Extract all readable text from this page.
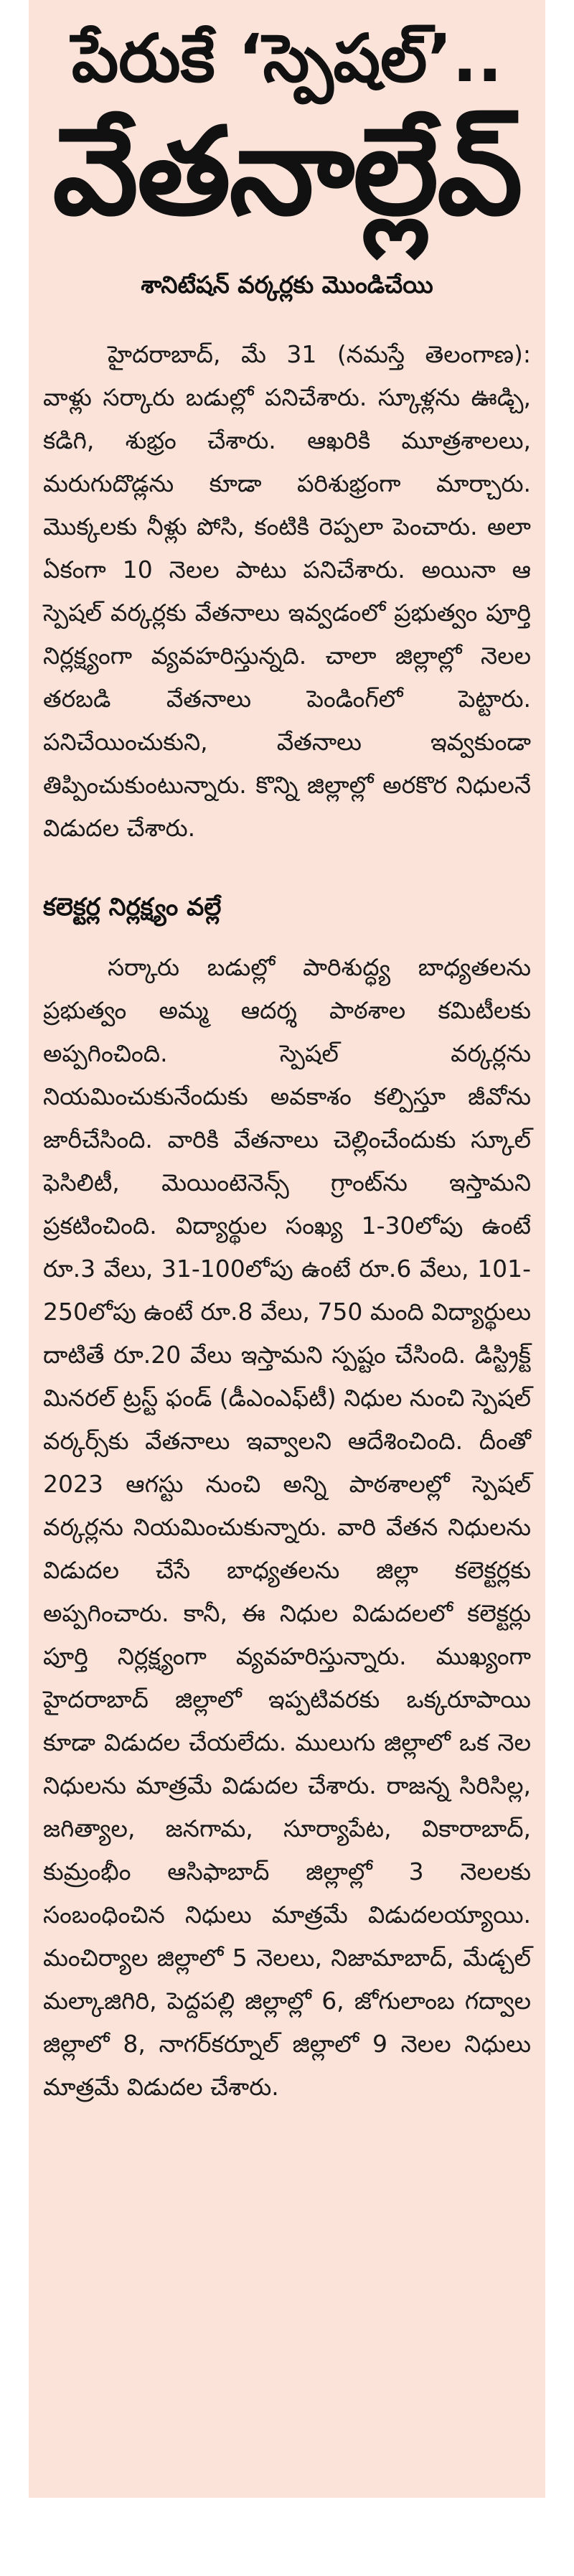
పేరుకే ‘స్పెషల్’..
వేతనాల్లేవ్
శానిటేషన్ వర్కర్లకు మొండిచేయి

హైదరాబాద్, మే 31 (నమస్తే తెలంగాణ): వాళ్లు సర్కారు బడుల్లో పనిచేశారు. స్కూళ్లను ఊడ్చి, కడిగి, శుభ్రం చేశారు. ఆఖరికి మూత్రశాలలు, మరుగుదొడ్లను కూడా పరిశుభ్రంగా మార్చారు. మొక్కలకు నీళ్లు పోసి, కంటికి రెప్పలా పెంచారు. అలా ఏకంగా 10 నెలల పాటు పనిచేశారు. అయినా ఆ స్పెషల్ వర్కర్లకు వేతనాలు ఇవ్వడంలో ప్రభుత్వం పూర్తి నిర్లక్ష్యంగా వ్యవహరిస్తున్నది. చాలా జిల్లాల్లో నెలల తరబడి వేతనాలు పెండింగ్‌లో పెట్టారు. పనిచేయించుకుని, వేతనాలు ఇవ్వకుండా తిప్పించుకుంటున్నారు. కొన్ని జిల్లాల్లో అరకొర నిధులనే విడుదల చేశారు.

కలెక్టర్ల నిర్లక్ష్యం వల్లే

సర్కారు బడుల్లో పారిశుద్ధ్య బాధ్యతలను ప్రభుత్వం అమ్మ ఆదర్శ పాఠశాల కమిటీలకు అప్పగించింది. స్పెషల్ వర్కర్లను నియమించుకునేందుకు అవకాశం కల్పిస్తూ జీవోను జారీచేసింది. వారికి వేతనాలు చెల్లించేందుకు స్కూల్ ఫెసిలిటీ, మెయింటెనెన్స్ గ్రాంట్‌ను ఇస్తామని ప్రకటించింది. విద్యార్థుల సంఖ్య 1-30లోపు ఉంటే రూ.3 వేలు, 31-100లోపు ఉంటే రూ.6 వేలు, 101-250లోపు ఉంటే రూ.8 వేలు, 750 మంది విద్యార్థులు దాటితే రూ.20 వేలు ఇస్తామని స్పష్టం చేసింది. డిస్ట్రిక్ట్ మినరల్ ట్రస్ట్ ఫండ్ (డీఎంఎఫ్‌టీ) నిధుల నుంచి స్పెషల్ వర్కర్స్‌కు వేతనాలు ఇవ్వాలని ఆదేశించింది. దీంతో 2023 ఆగస్టు నుంచి అన్ని పాఠశాలల్లో స్పెషల్ వర్కర్లను నియమించుకున్నారు. వారి వేతన నిధులను విడుదల చేసే బాధ్యతలను జిల్లా కలెక్టర్లకు అప్పగించారు. కానీ, ఈ నిధుల విడుదలలో కలెక్టర్లు పూర్తి నిర్లక్ష్యంగా వ్యవహరిస్తున్నారు. ముఖ్యంగా హైదరాబాద్ జిల్లాలో ఇప్పటివరకు ఒక్కరూపాయి కూడా విడుదల చేయలేదు. ములుగు జిల్లాలో ఒక నెల నిధులను మాత్రమే విడుదల చేశారు. రాజన్న సిరిసిల్ల, జగిత్యాల, జనగామ, సూర్యాపేట, వికారాబాద్, కుమ్రంభీం ఆసిఫాబాద్ జిల్లాల్లో 3 నెలలకు సంబంధించిన నిధులు మాత్రమే విడుదలయ్యాయి. మంచిర్యాల జిల్లాలో 5 నెలలు, నిజామాబాద్, మేడ్చల్ మల్కాజిగిరి, పెద్దపల్లి జిల్లాల్లో 6, జోగులాంబ గద్వాల జిల్లాలో 8, నాగర్‌కర్నూల్ జిల్లాలో 9 నెలల నిధులు మాత్రమే విడుదల చేశారు.
